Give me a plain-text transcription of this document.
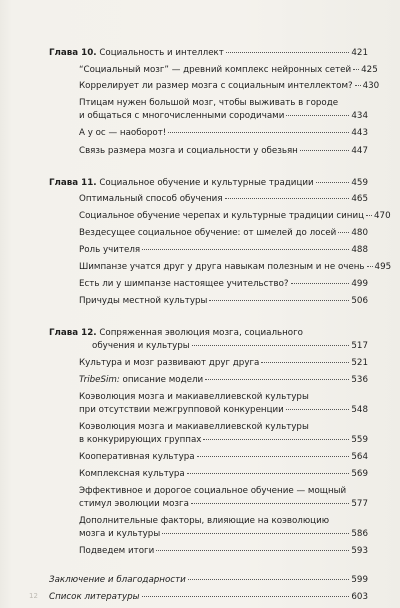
Глава 10. Социальность и интеллект	421
“Социальный мозг” — древний комплекс нейронных сетей 425
Коррелирует ли размер мозга с социальным интеллектом? 430
Птицам нужен большой мозг, чтобы выживать в городе
и общаться с многочисленными сородичами	434
А у ос — наоборот!	443
Связь размера мозга и социальности у обезьян	447
Глава 11. Социальное обучение и культурные традиции	459
Оптимальный способ обучения	465
Социальное обучение черепах и культурные традиции синиц 470
Вездесущее социальное обучение: от шмелей до лосей 480
Роль учителя	488
Шимпанзе учатся друг у друга навыкам полезным и не очень 495
Есть ли у шимпанзе настоящее учительство?	499
Причуды местной культуры	506
Глава 12. Сопряженная эволюция мозга, социального
обучения и культуры	517
Культура и мозг развивают друг друга	521
TribeSim: описание модели	536
Коэволюция мозга и макиавеллиевской культуры
при отсутствии межгрупповой конкуренции	548
Коэволюция мозга и макиавеллиевской культуры
в конкурирующих группах	559
Кооперативная культура	564
Комплексная культура	569
Эффективное и дорогое социальное обучение — мощный
стимул эволюции мозга	577
Дополнительные факторы, влияющие на коэволюцию
мозга и культуры	586
Подведем итоги	593
Заключение и благодарности	599
Список литературы	603
12
